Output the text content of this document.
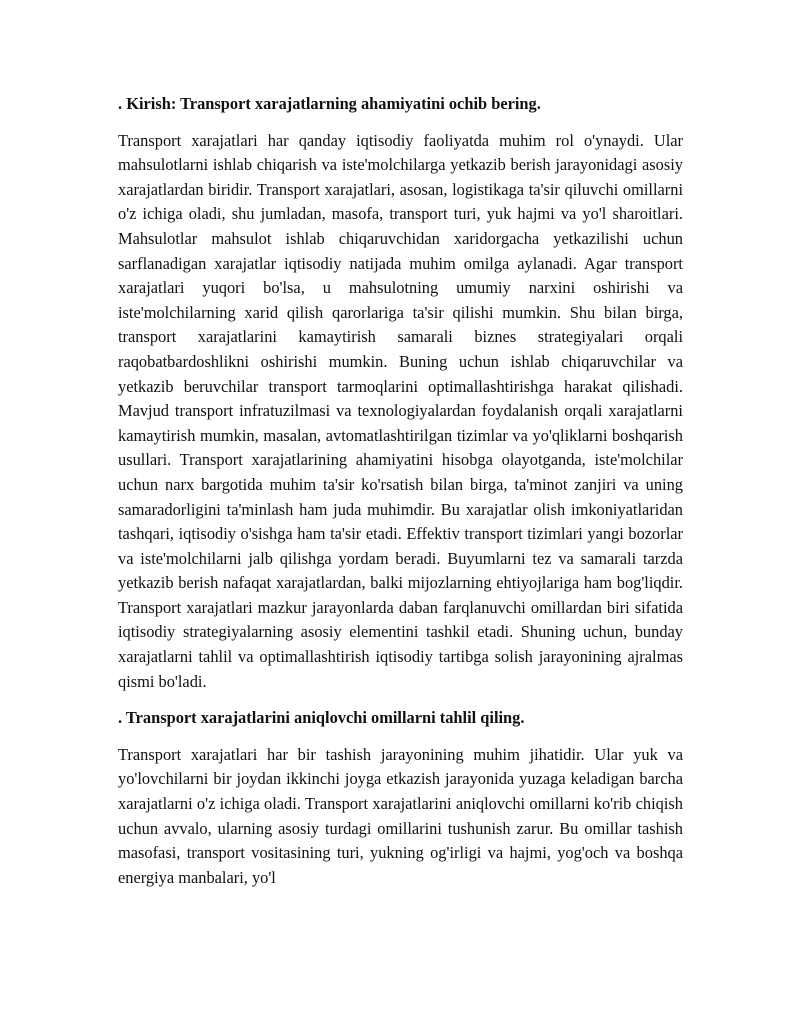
. Kirish: Transport xarajatlarning ahamiyatini ochib bering.
Transport xarajatlari har qanday iqtisodiy faoliyatda muhim rol o'ynaydi. Ular mahsulotlarni ishlab chiqarish va iste'molchilarga yetkazib berish jarayonidagi asosiy xarajatlardan biridir. Transport xarajatlari, asosan, logistikaga ta'sir qiluvchi omillarni o'z ichiga oladi, shu jumladan, masofa, transport turi, yuk hajmi va yo'l sharoitlari. Mahsulotlar mahsulot ishlab chiqaruvchidan xaridorgacha yetkazilishi uchun sarflanadigan xarajatlar iqtisodiy natijada muhim omilga aylanadi. Agar transport xarajatlari yuqori bo'lsa, u mahsulotning umumiy narxini oshirishi va iste'molchilarning xarid qilish qarorlariga ta'sir qilishi mumkin. Shu bilan birga, transport xarajatlarini kamaytirish samarali biznes strategiyalari orqali raqobatbardoshlikni oshirishi mumkin. Buning uchun ishlab chiqaruvchilar va yetkazib beruvchilar transport tarmoqlarini optimallashtirishga harakat qilishadi. Mavjud transport infratuzilmasi va texnologiyalardan foydalanish orqali xarajatlarni kamaytirish mumkin, masalan, avtomatlashtirilgan tizimlar va yo'qliklarni boshqarish usullari. Transport xarajatlarining ahamiyatini hisobga olayotganda, iste'molchilar uchun narx bargotida muhim ta'sir ko'rsatish bilan birga, ta'minot zanjiri va uning samaradorligini ta'minlash ham juda muhimdir. Bu xarajatlar olish imkoniyatlaridan tashqari, iqtisodiy o'sishga ham ta'sir etadi. Effektiv transport tizimlari yangi bozorlar va iste'molchilarni jalb qilishga yordam beradi. Buyumlarni tez va samarali tarzda yetkazib berish nafaqat xarajatlardan, balki mijozlarning ehtiyojlariga ham bog'liqdir. Transport xarajatlari mazkur jarayonlarda daban farqlanuvchi omillardan biri sifatida iqtisodiy strategiyalarning asosiy elementini tashkil etadi. Shuning uchun, bunday xarajatlarni tahlil va optimallashtirish iqtisodiy tartibga solish jarayonining ajralmas qismi bo'ladi.
. Transport xarajatlarini aniqlovchi omillarni tahlil qiling.
Transport xarajatlari har bir tashish jarayonining muhim jihatidir. Ular yuk va yo'lovchilarni bir joydan ikkinchi joyga etkazish jarayonida yuzaga keladigan barcha xarajatlarni o'z ichiga oladi. Transport xarajatlarini aniqlovchi omillarni ko'rib chiqish uchun avvalo, ularning asosiy turdagi omillarini tushunish zarur. Bu omillar tashish masofasi, transport vositasining turi, yukning og'irligi va hajmi, yog'och va boshqa energiya manbalari, yo'l
